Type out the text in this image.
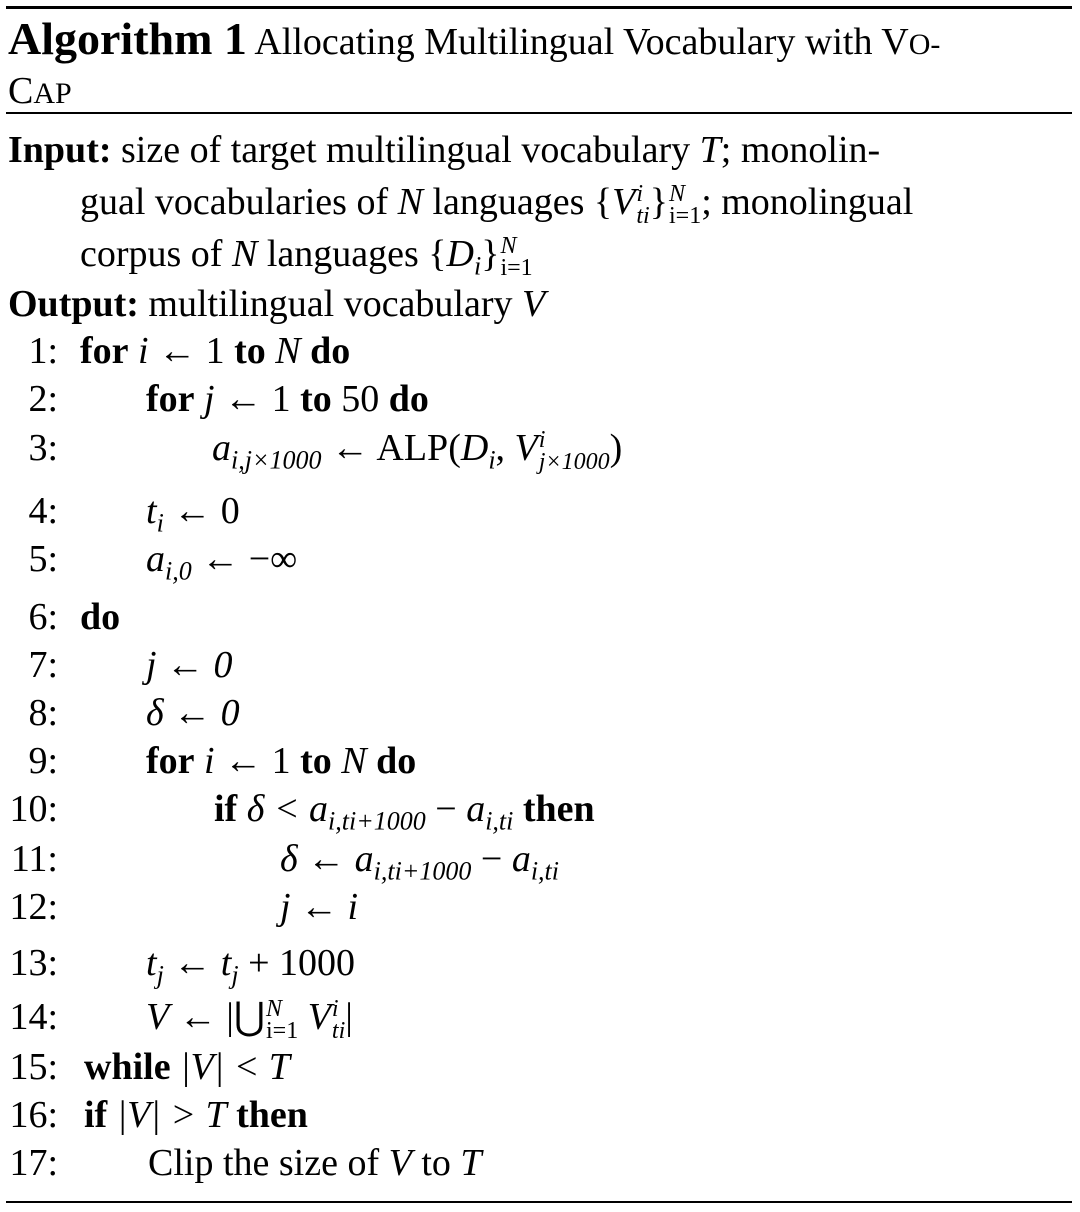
Algorithm 1 Allocating Multilingual Vocabulary with VO-
CAP
Input: size of target multilingual vocabulary T; monolin-
gual vocabularies of N languages {V i
ti } N
i=1 ; monolingual
corpus of N languages $\{D_i\}$ N
i=1
Output: multilingual vocabulary V
1: for i ← 1 to N do
2: for j ← 1 to 50 do
3:	$a_{i,j\times 1000}$ ← $ALP(D_i$, V i
j×1000 )
4: $t_i$ ← 0
5: $a_{i,0}$ ← −∞
6: do
7: j ← 0
8: δ ← 0
9: for i ← 1 to N do
10:	if $\delta < a_{i,ti+1000} - a_{i,ti}$ then
11:	δ ← $a_{i,ti+1000} - a_{i,ti}$
12:	j ← i
13: $t_j$ ← $t_j + 1000$
14: V ← |⋃ N
i=1 V i
ti |
15: while |V| < T
16: if |V| > T then
17: Clip the size of V to T
